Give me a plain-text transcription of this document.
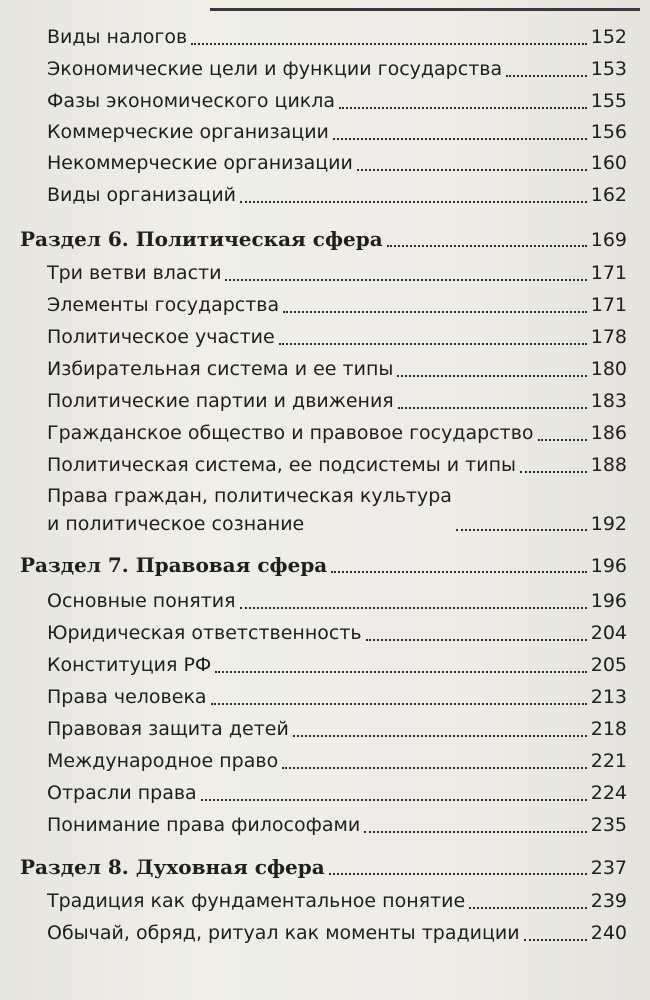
Виды налогов	152
Экономические цели и функции государства	153
Фазы экономического цикла	155
Коммерческие организации	156
Некоммерческие организации	160
Виды организаций	162
Раздел 6. Политическая сфера	169
Три ветви власти	171
Элементы государства	171
Политическое участие	178
Избирательная система и ее типы	180
Политические партии и движения	183
Гражданское общество и правовое государство	186
Политическая система, ее подсистемы и типы	188
Права граждан, политическая культура
и политическое сознание	192
Раздел 7. Правовая сфера	196
Основные понятия	196
Юридическая ответственность	204
Конституция РФ	205
Права человека	213
Правовая защита детей	218
Международное право	221
Отрасли права	224
Понимание права философами	235
Раздел 8. Духовная сфера	237
Традиция как фундаментальное понятие	239
Обычай, обряд, ритуал как моменты традиции	240
